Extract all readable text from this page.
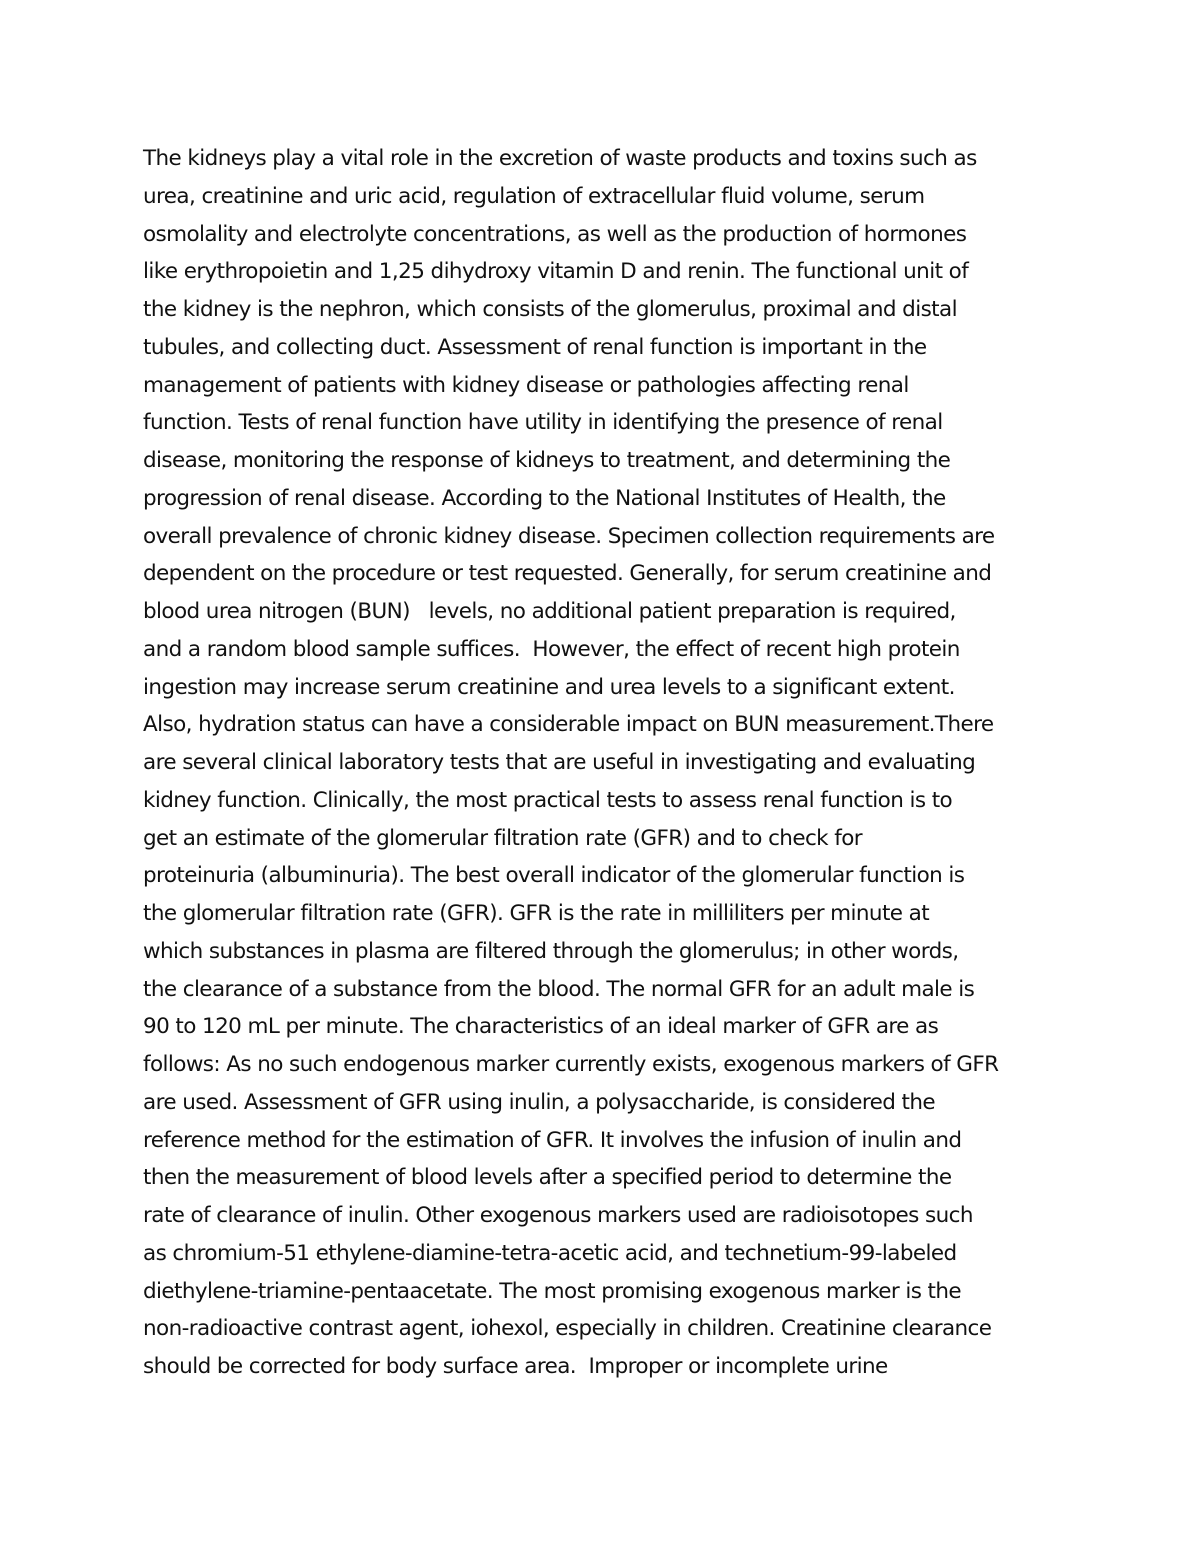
The kidneys play a vital role in the excretion of waste products and toxins such as
urea, creatinine and uric acid, regulation of extracellular fluid volume, serum
osmolality and electrolyte concentrations, as well as the production of hormones
like erythropoietin and 1,25 dihydroxy vitamin D and renin. The functional unit of
the kidney is the nephron, which consists of the glomerulus, proximal and distal
tubules, and collecting duct. Assessment of renal function is important in the
management of patients with kidney disease or pathologies affecting renal
function. Tests of renal function have utility in identifying the presence of renal
disease, monitoring the response of kidneys to treatment, and determining the
progression of renal disease. According to the National Institutes of Health, the
overall prevalence of chronic kidney disease. Specimen collection requirements are
dependent on the procedure or test requested. Generally, for serum creatinine and
blood urea nitrogen (BUN)   levels, no additional patient preparation is required,
and a random blood sample suffices.  However, the effect of recent high protein
ingestion may increase serum creatinine and urea levels to a significant extent.
Also, hydration status can have a considerable impact on BUN measurement.There
are several clinical laboratory tests that are useful in investigating and evaluating
kidney function. Clinically, the most practical tests to assess renal function is to
get an estimate of the glomerular filtration rate (GFR) and to check for
proteinuria (albuminuria). The best overall indicator of the glomerular function is
the glomerular filtration rate (GFR). GFR is the rate in milliliters per minute at
which substances in plasma are filtered through the glomerulus; in other words,
the clearance of a substance from the blood. The normal GFR for an adult male is
90 to 120 mL per minute. The characteristics of an ideal marker of GFR are as
follows: As no such endogenous marker currently exists, exogenous markers of GFR
are used. Assessment of GFR using inulin, a polysaccharide, is considered the
reference method for the estimation of GFR. It involves the infusion of inulin and
then the measurement of blood levels after a specified period to determine the
rate of clearance of inulin. Other exogenous markers used are radioisotopes such
as chromium-51 ethylene-diamine-tetra-acetic acid, and technetium-99-labeled
diethylene-triamine-pentaacetate. The most promising exogenous marker is the
non-radioactive contrast agent, iohexol, especially in children. Creatinine clearance
should be corrected for body surface area.  Improper or incomplete urine
